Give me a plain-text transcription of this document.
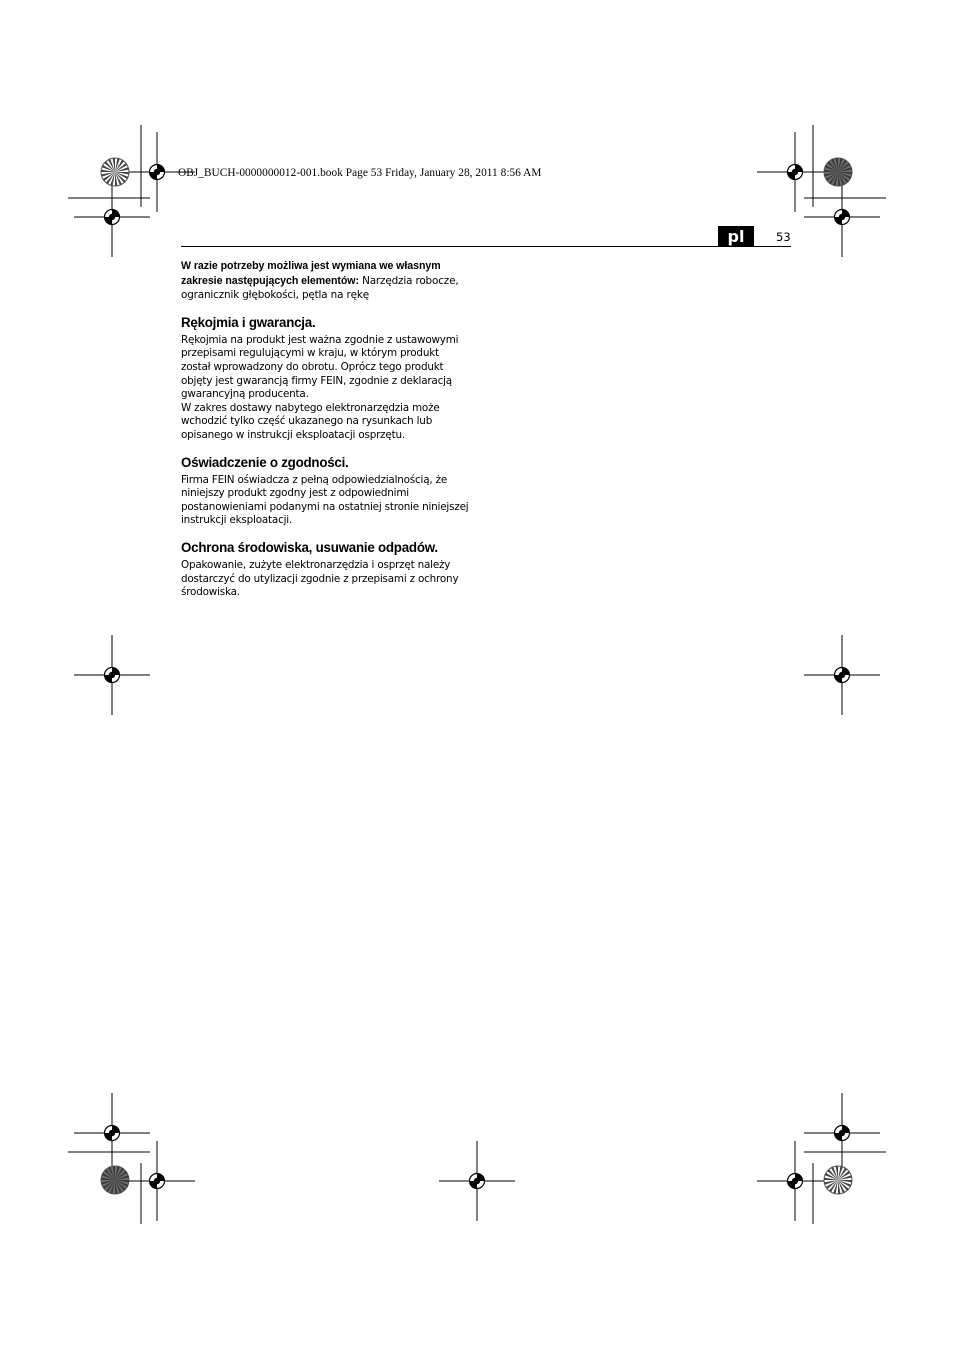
OBJ_BUCH-0000000012-001.book Page 53 Friday, January 28, 2011 8:56 AM
pl	53

W razie potrzeby możliwa jest wymiana we własnym
zakresie następujących elementów: Narzędzia robocze,
ogranicznik głębokości, pętla na rękę

Rękojmia i gwarancja.

Rękojmia na produkt jest ważna zgodnie z ustawowymi
przepisami regulującymi w kraju, w którym produkt
został wprowadzony do obrotu. Oprócz tego produkt
objęty jest gwarancją firmy FEIN, zgodnie z deklaracją
gwarancyjną producenta.
W zakres dostawy nabytego elektronarzędzia może
wchodzić tylko część ukazanego na rysunkach lub
opisanego w instrukcji eksploatacji osprzętu.

Oświadczenie o zgodności.

Firma FEIN oświadcza z pełną odpowiedzialnością, że
niniejszy produkt zgodny jest z odpowiednimi
postanowieniami podanymi na ostatniej stronie niniejszej
instrukcji eksploatacji.

Ochrona środowiska, usuwanie odpadów.

Opakowanie, zużyte elektronarzędzia i osprzęt należy
dostarczyć do utylizacji zgodnie z przepisami z ochrony
środowiska.
